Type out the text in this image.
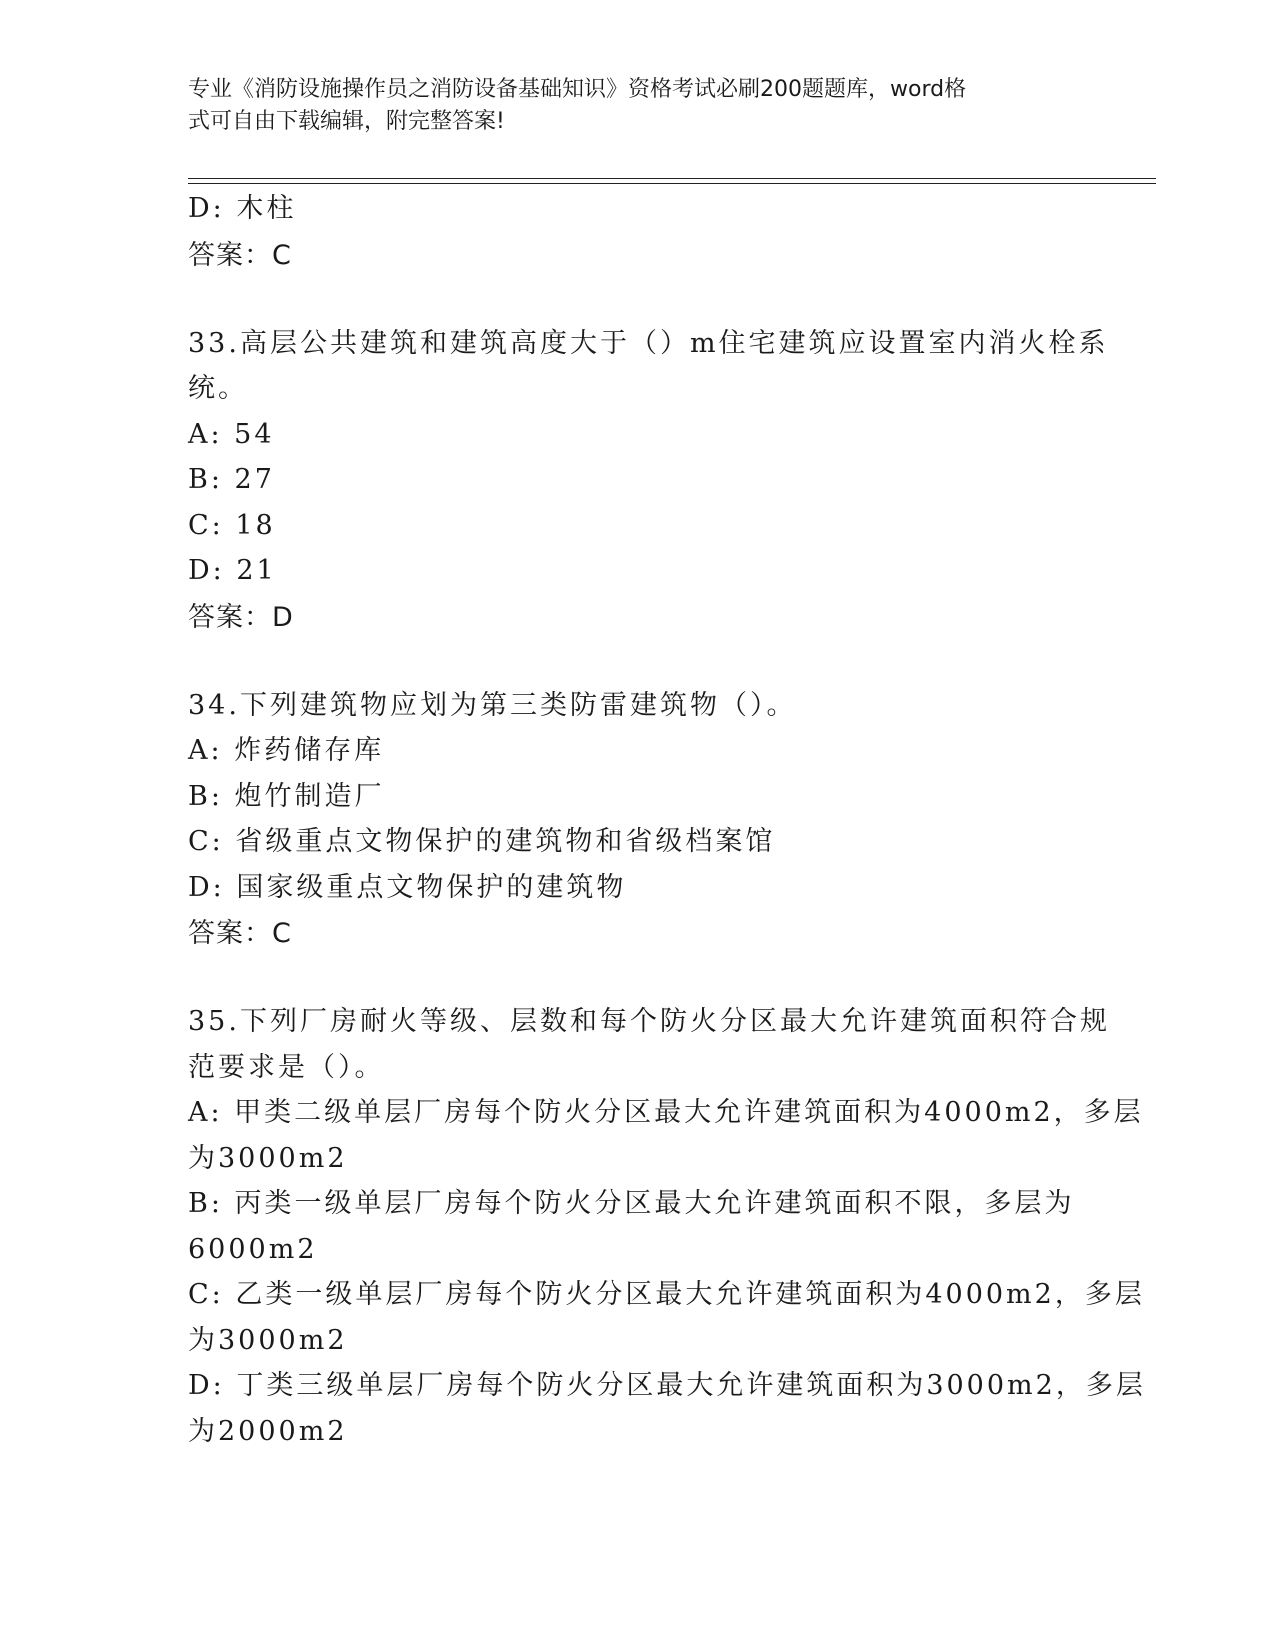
专业《消防设施操作员之消防设备基础知识》资格考试必刷200题题库，word格
式可自由下载编辑，附完整答案!
D: 木柱
答案：C
33.高层公共建筑和建筑高度大于（）m住宅建筑应设置室内消火栓系
统。
A: 54
B: 27
C: 18
D: 21
答案：D
34.下列建筑物应划为第三类防雷建筑物（）。
A: 炸药储存库
B: 炮竹制造厂
C: 省级重点文物保护的建筑物和省级档案馆
D: 国家级重点文物保护的建筑物
答案：C
35.下列厂房耐火等级、层数和每个防火分区最大允许建筑面积符合规
范要求是（）。
A: 甲类二级单层厂房每个防火分区最大允许建筑面积为4000m2，多层
为3000m2
B: 丙类一级单层厂房每个防火分区最大允许建筑面积不限，多层为
6000m2
C: 乙类一级单层厂房每个防火分区最大允许建筑面积为4000m2，多层
为3000m2
D: 丁类三级单层厂房每个防火分区最大允许建筑面积为3000m2，多层
为2000m2
